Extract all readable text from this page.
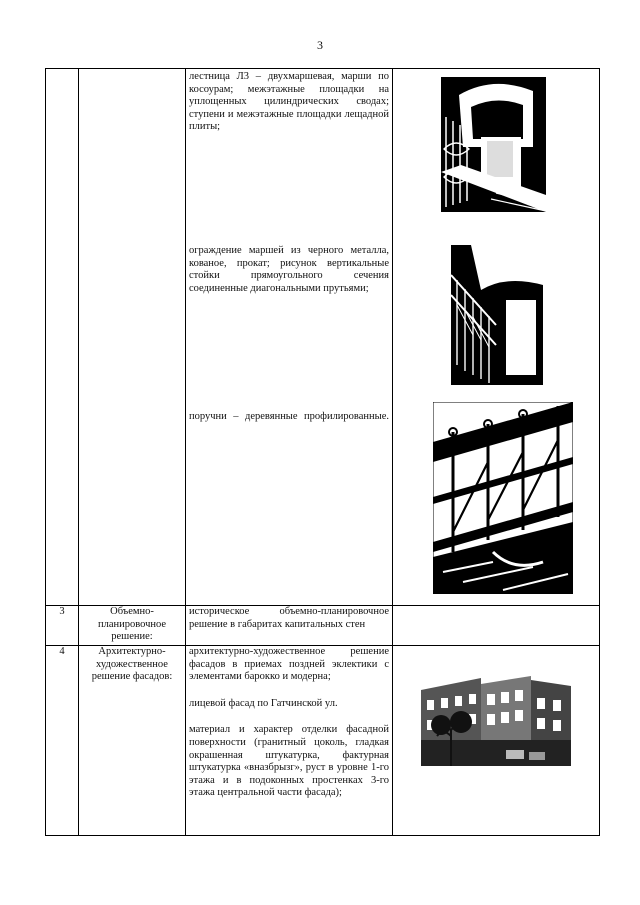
3

		лестница Л3 – двухмаршевая, марши по косоурам; межэтажные площадки на уплощенных цилиндрических сводах; ступени и межэтажные площадки лещадной плиты;

ограждение маршей из черного металла, кованое, прокат; рисунок вертикальные стойки прямоугольного сечения соединенные диагональными прутьями;

поручни – деревянные профилированные.

3	Объемно-планировочное решение:	историческое объемно-планировочное решение в габаритах капитальных стен	

4	Архитектурно-художественное решение фасадов:	архитектурно-художественное решение фасадов в приемах поздней эклектики с элементами барокко и модерна;

лицевой фасад по Гатчинской ул.

материал и характер отделки фасадной поверхности (гранитный цоколь, гладкая окрашенная штукатурка, фактурная штукатурка «вназбрызг», руст в уровне 1-го этажа и в подоконных простенках 3-го этажа центральной части фасада);
